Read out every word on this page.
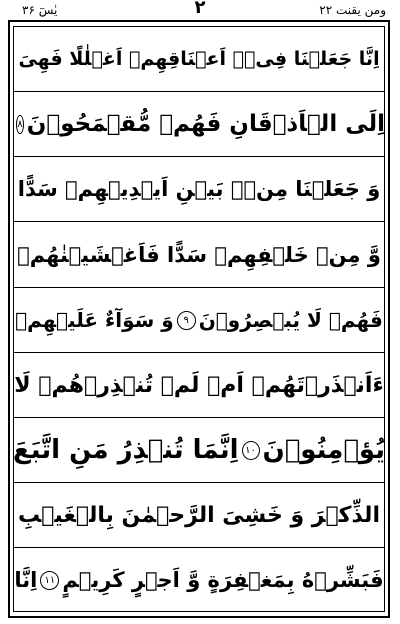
یٰسٓ ۳۶	۲	ومن یقنت ۲۲
اِنَّا جَعَلۡنَا فِیۡۤ اَعۡنَاقِهِمۡ اَغۡلٰلًا فَهِیَ
اِلَی الۡاَذۡقَانِ فَهُمۡ مُّقۡمَحُوۡنَ
۸
وَ جَعَلۡنَا مِنۡۢ بَیۡنِ اَیۡدِیۡهِمۡ سَدًّا
وَّ مِنۡ خَلۡفِهِمۡ سَدًّا فَاَغۡشَیۡنٰهُمۡ
فَهُمۡ لَا یُبۡصِرُوۡنَ
۹
وَ سَوَآءٌ عَلَیۡهِمۡ
ءَاَنۡذَرۡتَهُمۡ اَمۡ لَمۡ تُنۡذِرۡهُمۡ لَا
یُؤۡمِنُوۡنَ
۱۰
اِنَّمَا تُنۡذِرُ مَنِ اتَّبَعَ
الذِّکۡرَ وَ خَشِیَ الرَّحۡمٰنَ بِالۡغَیۡبِ
فَبَشِّرۡهُ بِمَغۡفِرَةٍ وَّ اَجۡرٍ کَرِیۡمٍ
۱۱
اِنَّا
